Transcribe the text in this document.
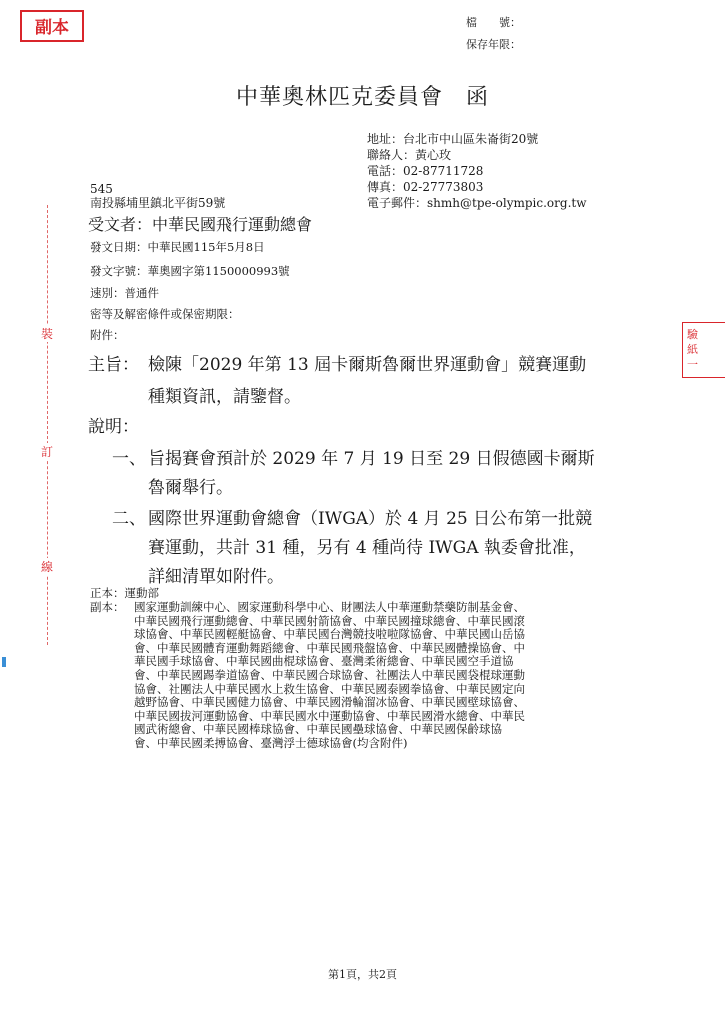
副本	檔　　號：
保存年限：
中華奧林匹克委員會　函
地址：台北市中山區朱崙街20號
聯絡人：黃心玫
電話：02-87711728
傳真：02-27773803
電子郵件：shmh@tpe-olympic.org.tw
545
南投縣埔里鎮北平街59號
受文者：中華民國飛行運動總會
發文日期：中華民國115年5月8日
發文字號：華奧國字第1150000993號
速別：普通件
密等及解密條件或保密期限：
附件：
裝
訂
線
驗
紙
一
主旨： 檢陳「2029 年第 13 屆卡爾斯魯爾世界運動會」競賽運動
種類資訊，請鑒督。
說明：
一、 旨揭賽會預計於 2029 年 7 月 19 日至 29 日假德國卡爾斯
魯爾舉行。
二、 國際世界運動會總會（IWGA）於 4 月 25 日公布第一批競
賽運動，共計 31 種，另有 4 種尚待 IWGA 執委會批准，
詳細清單如附件。
正本：運動部
副本： 國家運動訓練中心、國家運動科學中心、財團法人中華運動禁藥防制基金會、
中華民國飛行運動總會、中華民國射箭協會、中華民國撞球總會、中華民國滾
球協會、中華民國輕艇協會、中華民國台灣競技啦啦隊協會、中華民國山岳協
會、中華民國體育運動舞蹈總會、中華民國飛盤協會、中華民國體操協會、中
華民國手球協會、中華民國曲棍球協會、臺灣柔術總會、中華民國空手道協
會、中華民國踢拳道協會、中華民國合球協會、社團法人中華民國袋棍球運動
協會、社團法人中華民國水上救生協會、中華民國泰國拳協會、中華民國定向
越野協會、中華民國健力協會、中華民國滑輪溜冰協會、中華民國壁球協會、
中華民國拔河運動協會、中華民國水中運動協會、中華民國滑水總會、中華民
國武術總會、中華民國棒球協會、中華民國壘球協會、中華民國保齡球協
會、中華民國柔搏協會、臺灣浮士德球協會(均含附件)
第1頁，共2頁
